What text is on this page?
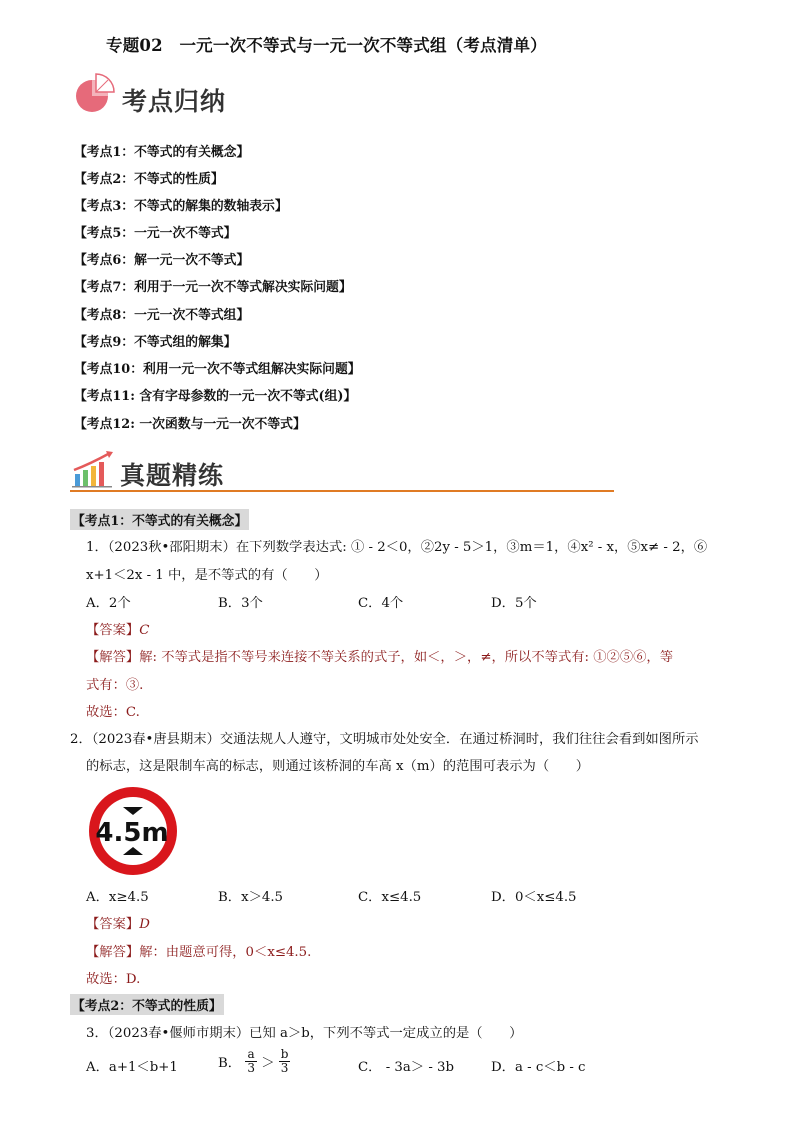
专题02　一元一次不等式与一元一次不等式组（考点清单）
考点归纳
【考点1：不等式的有关概念】
【考点2：不等式的性质】
【考点3：不等式的解集的数轴表示】
【考点5：一元一次不等式】
【考点6：解一元一次不等式】
【考点7：利用于一元一次不等式解决实际问题】
【考点8：一元一次不等式组】
【考点9：不等式组的解集】
【考点10：利用一元一次不等式组解决实际问题】
【考点11: 含有字母参数的一元一次不等式(组)】
【考点12: 一次函数与一元一次不等式】
真题精练
【考点1：不等式的有关概念】
1．（2023秋•邵阳期末）在下列数学表达式: ① - 2＜0，②2y - 5＞1，③m＝1，④x² - x，⑤x≠ - 2，⑥
x+1＜2x - 1 中，是不等式的有（　　）
A．2个	B．3个	C．4个	D．5个
【答案】C
【解答】解: 不等式是指不等号来连接不等关系的式子，如＜，＞，≠，所以不等式有: ①②⑤⑥，等
式有：③.
故选：C.
2．（2023春•唐县期末）交通法规人人遵守，文明城市处处安全．在通过桥洞时，我们往往会看到如图所示
的标志，这是限制车高的标志，则通过该桥洞的车高 x（m）的范围可表示为（　　）
4.5m
A．x≥4.5	B．x＞4.5	C．x≤4.5	D．0＜x≤4.5
【答案】D
【解答】解：由题意可得，0＜x≤4.5.
故选：D.
【考点2：不等式的性质】
3．（2023春•偃师市期末）已知 a＞b，下列不等式一定成立的是（　　）
A．a+1＜b+1	B． $\frac{a}{3} > \frac{b}{3}$	C． - 3a＞ - 3b	D．a - c＜b - c
